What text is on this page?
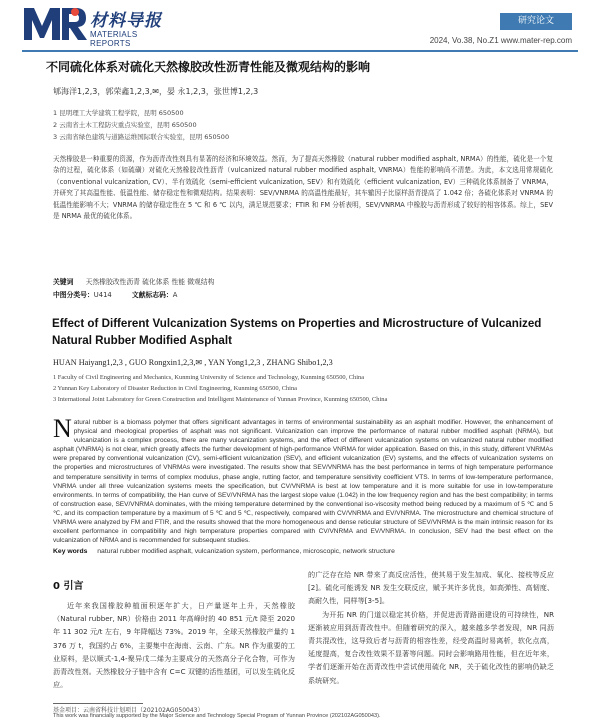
材料导报
MATERIALS REPORTS
研究论文
2024, Vo.38, No.Z1 www.mater-rep.com
不同硫化体系对硫化天然橡胶改性沥青性能及微观结构的影响
郇海洋1,2,3，郭荣鑫1,2,3,✉，晏 永1,2,3，张世博1,2,3
1 昆明理工大学建筑工程学院，昆明 650500
2 云南省土木工程防灾重点实验室，昆明 650500
3 云南省绿色建筑与道路运维国际联合实验室，昆明 650500
天然橡胶是一种重要的资源，作为沥青改性剂具有显著的经济和环境效益。然而，为了提高天然橡胶（natural rubber modified asphalt, NRMA）的性能，硫化是一个复杂的过程，硫化体系（如硫磺）对硫化天然橡胶改性沥青（vulcanized natural rubber modified asphalt, VNRMA）性能的影响尚不清楚。为此，本文选用常规硫化（conventional vulcanization, CV）、半有效硫化（semi-efficient vulcanization, SEV）和有效硫化（efficient vulcanization, EV）三种硫化体系制备了 VNRMA，并研究了其高温性能、低温性能、储存稳定性和微观结构。结果表明：SEV/VNRMA 的高温性能最好，其车辙因子比原样沥青提高了 1.042 倍；各硫化体系对 VNRMA 的低温性能影响不大；VNRMA 的储存稳定性在 5 ℃ 和 6 ℃ 以内，满足规范要求；FTIR 和 FM 分析表明，SEV/VNRMA 中橡胶与沥青形成了较好的相容体系。综上，SEV 是 NRMA 最优的硫化体系。
关键词 天然橡胶改性沥青 硫化体系 性能 微观结构
中图分类号：U414	文献标志码：A
Effect of Different Vulcanization Systems on Properties and Microstructure of Vulcanized Natural Rubber Modified Asphalt
HUAN Haiyang1,2,3 , GUO Rongxin1,2,3,✉ , YAN Yong1,2,3 , ZHANG Shibo1,2,3
1 Faculty of Civil Engineering and Mechanics, Kunming University of Science and Technology, Kunming 650500, China
2 Yunnan Key Laboratory of Disaster Reduction in Civil Engineering, Kunming 650500, China
3 International Joint Laboratory for Green Construction and Intelligent Maintenance of Yunnan Province, Kunming 650500, China
Natural rubber is a biomass polymer that offers significant advantages in terms of environmental sustainability as an asphalt modifier. However, the enhancement of physical and rheological properties of asphalt was not significant. Vulcanization can improve the performance of natural rubber modified asphalt (NRMA), but vulcanization is a complex process, there are many vulcanization systems, and the effect of different vulcanization systems on vulcanized natural rubber modified asphalt (VNRMA) is not clear, which greatly affects the further development of high-performance VNRMA for wider application. Based on this, in this study, different VNRMAs were prepared by conventional vulcanization (CV), semi-efficient vulcanization (SEV), and efficient vulcanization (EV) systems, and the effects of vulcanization systems on the properties and microstructures of VNRMAs were investigated. The results show that SEV/VNRMA has the best performance in terms of high temperature performance and temperature sensitivity in terms of complex modulus, phase angle, rutting factor, and temperature sensitivity coefficient VTS. In terms of low-temperature performance, VNRMA under all three vulcanization systems meets the specification, but CV/VNRMA is best at low temperature and it is more suitable for use in low-temperature environments. In terms of compatibility, the Han curve of SEV/VNRMA has the largest slope value (1.042) in the low frequency region and has the best compatibility; in terms of construction ease, SEV/VNRMA dominates, with the mixing temperature determined by the conventional iso-viscosity method being reduced by a maximum of 5 ℃ and 5 ℃, and its compaction temperature by a maximum of 5 ℃ and 5 ℃, respectively, compared with CV/VNRMA and EV/VNRMA. The microstructure and chemical structure of VNRMA were analyzed by FM and FTIR, and the results showed that the more homogeneous and dense reticular structure of SEV/VNRMA is the main intrinsic reason for its excellent performance in compatibility and high temperature properties compared with CV/VNRMA and EV/VNRMA. In conclusion, SEV had the best effect on the vulcanization of NRMA and is recommended for subsequent studies.
Key words natural rubber modified asphalt, vulcanization system, performance, microscopic, network structure
0 引言
近年来我国橡胶种植面积逐年扩大，日产量逐年上升，天然橡胶（Natural rubber, NR）价格由 2011 年高峰时的 40 851 元/t 降至 2020 年 11 302 元/t 左右，9 年降幅达 73%。2019 年，全球天然橡胶产量约 1 376 万 t，我国约占 6%，主要集中在海南、云南、广东。NR 作为重要的工业原料，是以顺式-1,4-聚异戊二烯为主要成分的天然高分子化合物，可作为沥青改性剂。天然橡胶分子链中含有 C=C 双键的活性基团，可以发生硫化反应。

的广泛存在给 NR 带来了高反应活性，使其易于发生加成、氧化、接枝等反应[2]。硫化可能诱发 NR 发生交联反应，赋予其许多优良，如高弹性、高韧度、高耐久性，同样等[3-5]。

为开拓 NR 的门道以稳定其价格，并促进沥青路面建设的可持续性，NR 逐渐被应用到沥青改性中。但随着研究的深入，越来越多学者发现，NR 同沥青共混改性，这导致后者与沥青的相容性差，经受高温时易离析，软化点高，延度提高，复合改性效果不显著等问题。同时会影响路用性能，但在近年来，学者们逐渐开始在沥青改性中尝试使用硫化 NR，关于硫化改性的影响仍缺乏系统研究。

基金项目：云南省科技计划项目（202102AG050043）
This work was financially supported by the Major Science and Technology Special Program of Yunnan Province (202102AG050043).
